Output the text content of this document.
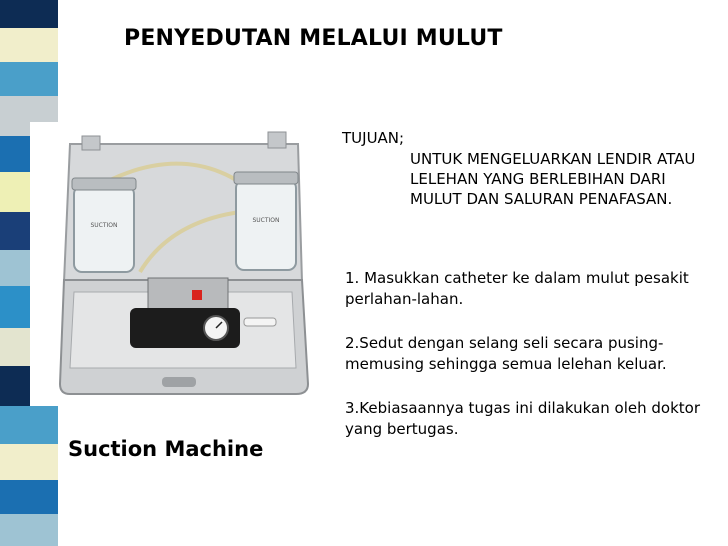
PENYEDUTAN MELALUI MULUT
SUCTION
SUCTION
Suction Machine
TUJUAN;
UNTUK MENGELUARKAN LENDIR ATAU LELEHAN YANG BERLEBIHAN DARI MULUT DAN SALURAN PENAFASAN.

1. Masukkan catheter ke dalam mulut pesakit perlahan-lahan.

2.Sedut dengan selang seli secara pusing-memusing sehingga semua lelehan keluar.

3.Kebiasaannya tugas ini dilakukan oleh doktor yang bertugas.
